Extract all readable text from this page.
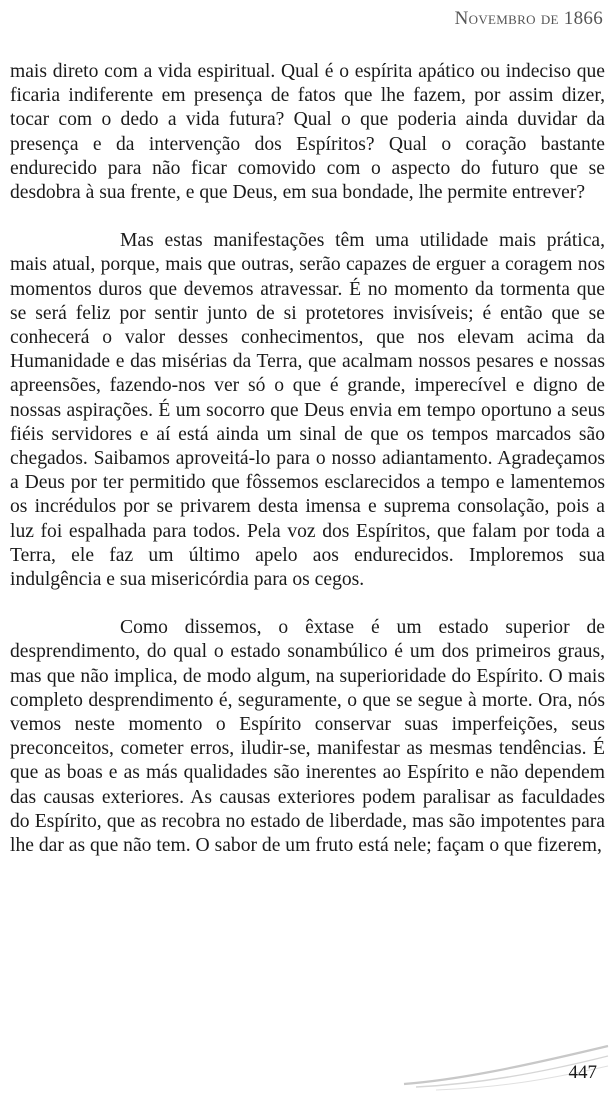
Novembro de 1866

mais direto com a vida espiritual. Qual é o espírita apático ou indeciso que ficaria indiferente em presença de fatos que lhe fazem, por assim dizer, tocar com o dedo a vida futura? Qual o que poderia ainda duvidar da presença e da intervenção dos Espíritos? Qual o coração bastante endurecido para não ficar comovido com o aspecto do futuro que se desdobra à sua frente, e que Deus, em sua bondade, lhe permite entrever?

Mas estas manifestações têm uma utilidade mais prática, mais atual, porque, mais que outras, serão capazes de erguer a coragem nos momentos duros que devemos atravessar. É no momento da tormenta que se será feliz por sentir junto de si protetores invisíveis; é então que se conhecerá o valor desses conhecimentos, que nos elevam acima da Humanidade e das misérias da Terra, que acalmam nossos pesares e nossas apreensões, fazendo-nos ver só o que é grande, imperecível e digno de nossas aspirações. É um socorro que Deus envia em tempo oportuno a seus fiéis servidores e aí está ainda um sinal de que os tempos marcados são chegados. Saibamos aproveitá-lo para o nosso adiantamento. Agradeçamos a Deus por ter permitido que fôssemos esclarecidos a tempo e lamentemos os incrédulos por se privarem desta imensa e suprema consolação, pois a luz foi espalhada para todos. Pela voz dos Espíritos, que falam por toda a Terra, ele faz um último apelo aos endurecidos. Imploremos sua indulgência e sua misericórdia para os cegos.

Como dissemos, o êxtase é um estado superior de desprendimento, do qual o estado sonambúlico é um dos primeiros graus, mas que não implica, de modo algum, na superioridade do Espírito. O mais completo desprendimento é, seguramente, o que se segue à morte. Ora, nós vemos neste momento o Espírito conservar suas imperfeições, seus preconceitos, cometer erros, iludir-se, manifestar as mesmas tendências. É que as boas e as más qualidades são inerentes ao Espírito e não dependem das causas exteriores. As causas exteriores podem paralisar as faculdades do Espírito, que as recobra no estado de liberdade, mas são impotentes para lhe dar as que não tem. O sabor de um fruto está nele; façam o que fizerem,

447
